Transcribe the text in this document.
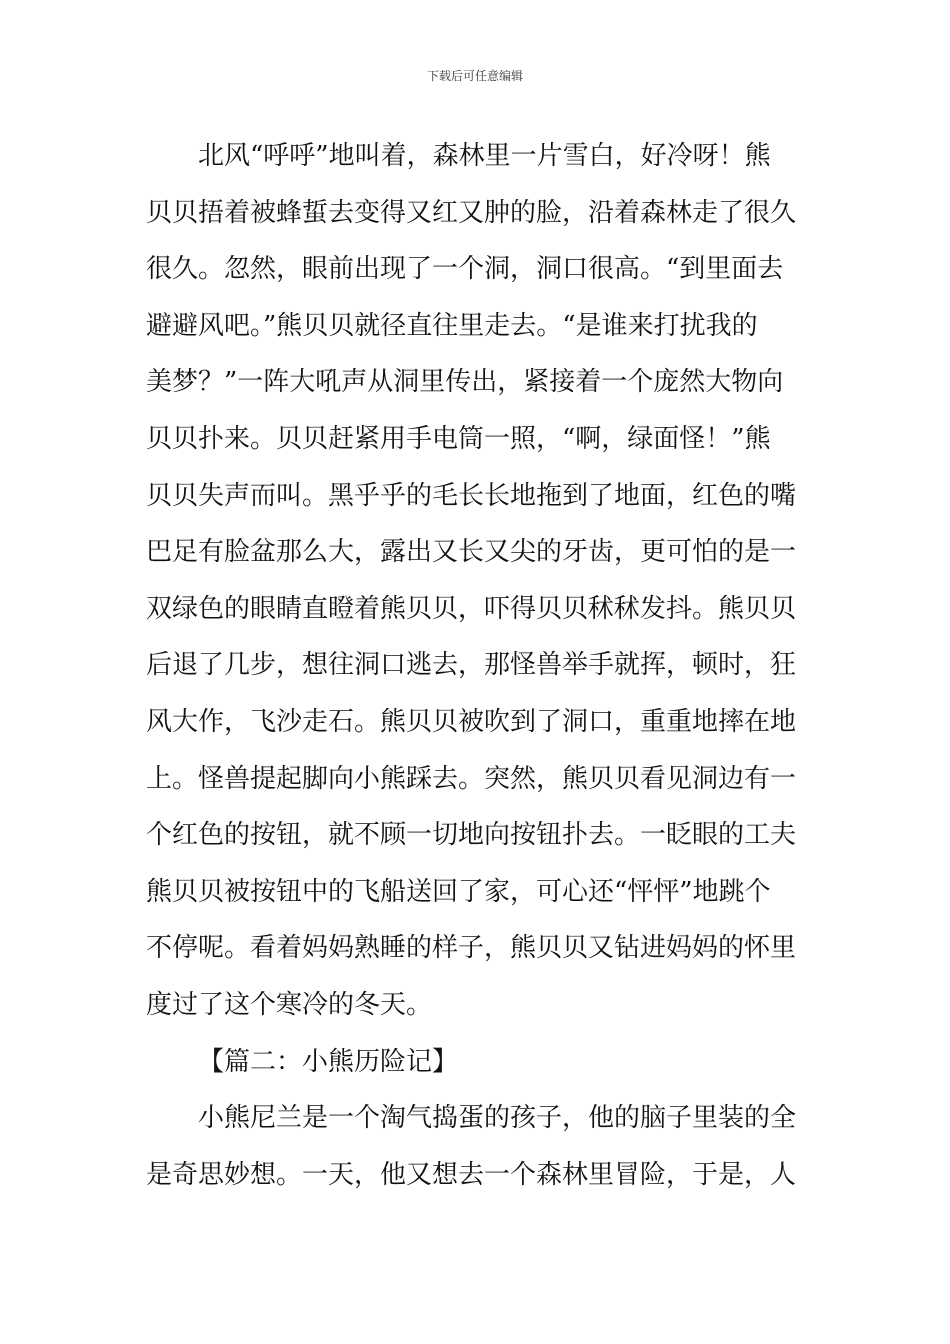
下载后可任意编辑
北风“呼呼”地叫着，森林里一片雪白，好冷呀！熊
贝贝捂着被蜂蜇去变得又红又肿的脸，沿着森林走了很久
很久。忽然，眼前出现了一个洞，洞口很高。“到里面去
避避风吧。”熊贝贝就径直往里走去。“是谁来打扰我的
美梦？”一阵大吼声从洞里传出，紧接着一个庞然大物向
贝贝扑来。贝贝赶紧用手电筒一照，“啊，绿面怪！”熊
贝贝失声而叫。黑乎乎的毛长长地拖到了地面，红色的嘴
巴足有脸盆那么大，露出又长又尖的牙齿，更可怕的是一
双绿色的眼睛直瞪着熊贝贝，吓得贝贝秫秫发抖。熊贝贝
后退了几步，想往洞口逃去，那怪兽举手就挥，顿时，狂
风大作，飞沙走石。熊贝贝被吹到了洞口，重重地摔在地
上。怪兽提起脚向小熊踩去。突然，熊贝贝看见洞边有一
个红色的按钮，就不顾一切地向按钮扑去。一眨眼的工夫
熊贝贝被按钮中的飞船送回了家，可心还“怦怦”地跳个
不停呢。看着妈妈熟睡的样子，熊贝贝又钻进妈妈的怀里
度过了这个寒冷的冬天。
【篇二：小熊历险记】
小熊尼兰是一个淘气捣蛋的孩子，他的脑子里装的全
是奇思妙想。一天，他又想去一个森林里冒险，于是，人
